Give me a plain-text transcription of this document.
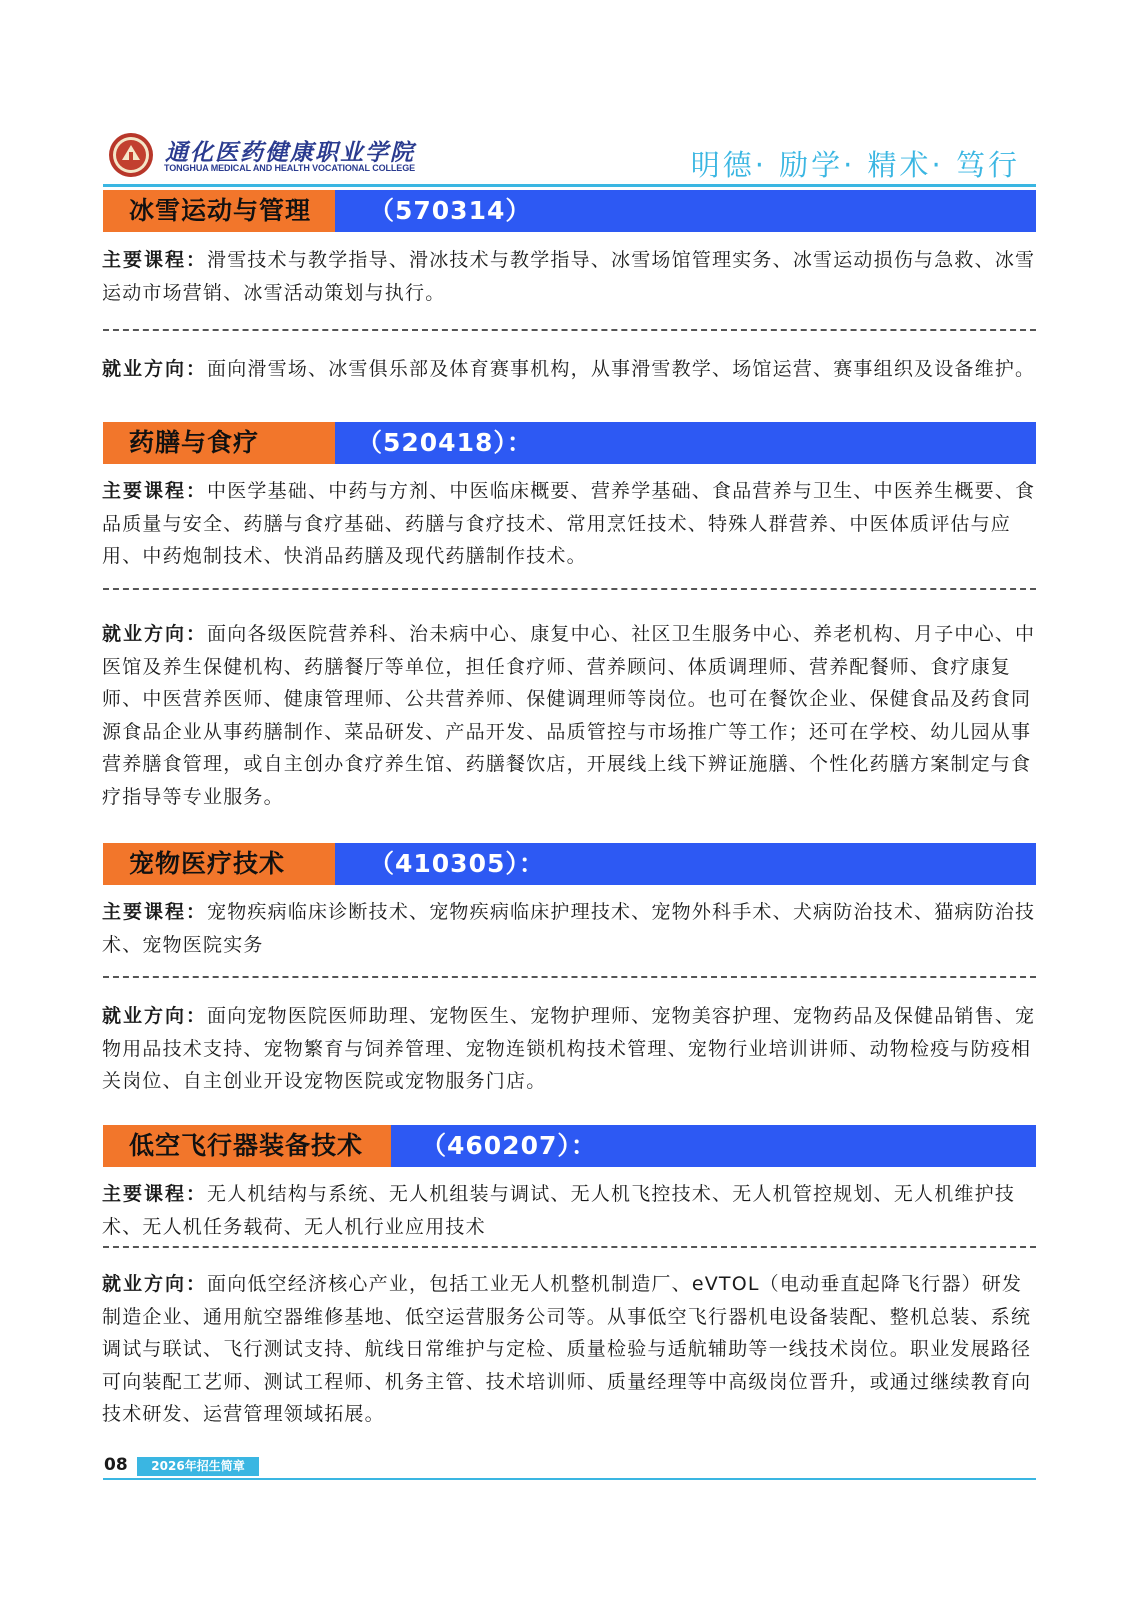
通化医药健康职业学院
TONGHUA MEDICAL AND HEALTH VOCATIONAL COLLEGE	明德· 励学· 精术· 笃行
冰雪运动与管理	（570314）
主要课程：滑雪技术与教学指导、滑冰技术与教学指导、冰雪场馆管理实务、冰雪运动损伤与急救、冰雪运动市场营销、冰雪活动策划与执行。
就业方向：面向滑雪场、冰雪俱乐部及体育赛事机构，从事滑雪教学、场馆运营、赛事组织及设备维护。
药膳与食疗	（520418）：
主要课程：中医学基础、中药与方剂、中医临床概要、营养学基础、食品营养与卫生、中医养生概要、食品质量与安全、药膳与食疗基础、药膳与食疗技术、常用烹饪技术、特殊人群营养、中医体质评估与应用、中药炮制技术、快消品药膳及现代药膳制作技术。
就业方向：面向各级医院营养科、治未病中心、康复中心、社区卫生服务中心、养老机构、月子中心、中医馆及养生保健机构、药膳餐厅等单位，担任食疗师、营养顾问、体质调理师、营养配餐师、食疗康复师、中医营养医师、健康管理师、公共营养师、保健调理师等岗位。也可在餐饮企业、保健食品及药食同源食品企业从事药膳制作、菜品研发、产品开发、品质管控与市场推广等工作；还可在学校、幼儿园从事营养膳食管理，或自主创办食疗养生馆、药膳餐饮店，开展线上线下辨证施膳、个性化药膳方案制定与食疗指导等专业服务。
宠物医疗技术	（410305）：
主要课程：宠物疾病临床诊断技术、宠物疾病临床护理技术、宠物外科手术、犬病防治技术、猫病防治技术、宠物医院实务
就业方向：面向宠物医院医师助理、宠物医生、宠物护理师、宠物美容护理、宠物药品及保健品销售、宠物用品技术支持、宠物繁育与饲养管理、宠物连锁机构技术管理、宠物行业培训讲师、动物检疫与防疫相关岗位、自主创业开设宠物医院或宠物服务门店。
低空飞行器装备技术	（460207）：
主要课程：无人机结构与系统、无人机组装与调试、无人机飞控技术、无人机管控规划、无人机维护技术、无人机任务载荷、无人机行业应用技术
就业方向：面向低空经济核心产业，包括工业无人机整机制造厂、eVTOL（电动垂直起降飞行器）研发制造企业、通用航空器维修基地、低空运营服务公司等。从事低空飞行器机电设备装配、整机总装、系统调试与联试、飞行测试支持、航线日常维护与定检、质量检验与适航辅助等一线技术岗位。职业发展路径可向装配工艺师、测试工程师、机务主管、技术培训师、质量经理等中高级岗位晋升，或通过继续教育向技术研发、运营管理领域拓展。
08	2026年招生简章
